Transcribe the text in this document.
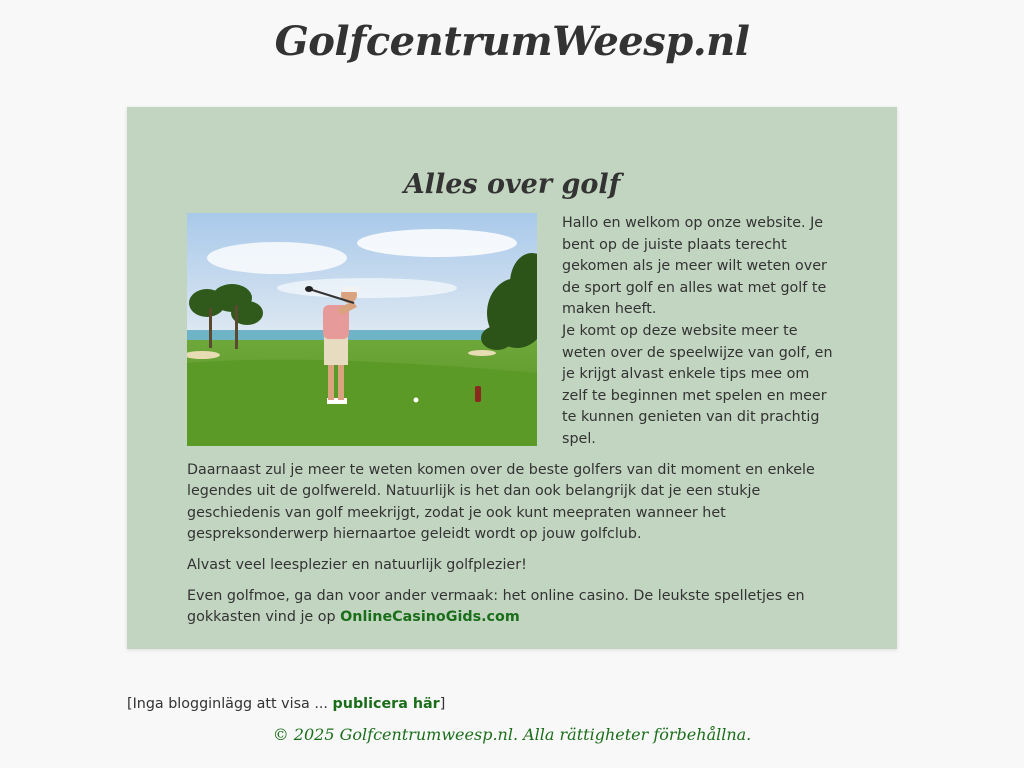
GolfcentrumWeesp.nl
Alles over golf

Hallo en welkom op onze website. Je bent op de juiste plaats terecht gekomen als je meer wilt weten over de sport golf en alles wat met golf te maken heeft.
Je komt op deze website meer te weten over de speelwijze van golf, en je krijgt alvast enkele tips mee om zelf te beginnen met spelen en meer te kunnen genieten van dit prachtig spel.

Daarnaast zul je meer te weten komen over de beste golfers van dit moment en enkele legendes uit de golfwereld. Natuurlijk is het dan ook belangrijk dat je een stukje geschiedenis van golf meekrijgt, zodat je ook kunt meepraten wanneer het gespreksonderwerp hiernaartoe geleidt wordt op jouw golfclub.

Alvast veel leesplezier en natuurlijk golfplezier!

Even golfmoe, ga dan voor ander vermaak: het online casino. De leukste spelletjes en gokkasten vind je op OnlineCasinoGids.com

[Inga blogginlägg att visa ... publicera här]
© 2025 Golfcentrumweesp.nl. Alla rättigheter förbehållna.
